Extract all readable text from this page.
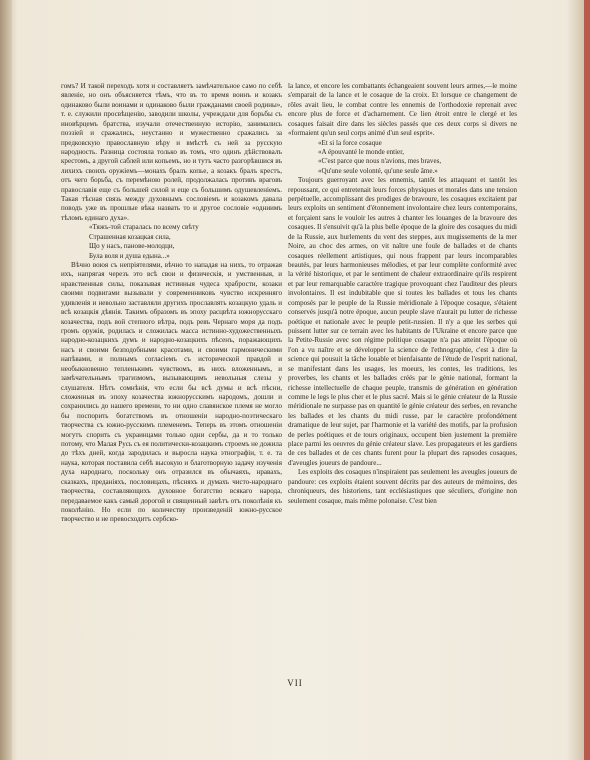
гомъ? И такой переходъ хотя и составляетъ замѣчательное само по себѣ явленіе, но онъ объясняется тѣмъ, что въ то время воинъ и козакъ одинаково были воинами и одинаково были гражданами своей родины», т. е. служили просвѣщенію, заводили школы, учреждали для борьбы съ иновѣрцемъ братства, изучали отечественную исторію, занимались поэзіей и сражались, неустанно и мужественно сражались за предковскую православную вѣру и вмѣстѣ съ ней за русскую народность. Разница состояла только въ томъ, что одинъ дѣйствовалъ крестомъ, а другой саблей или копьемъ, но и тутъ часто разгорѣвшися въ лихихъ своихъ оружіемъ—монахъ бралъ копье, а козакъ бралъ крестъ, отъ чего борьба, съ перемѣною ролей, продолжалась противъ враговъ православія еще съ большей силой и еще съ большимъ одушевленіемъ. Такая тѣсная связь между духовнымъ сословіемъ и козакомъ давала поводъ уже въ прошлые вѣка назвать то и другое сословіе «одниимъ тѣломъ единаго духа».

«Тяжъ-той старалась по всему свѣту
Страшенная козацкая сила,
Що у насъ, панове-молодци,
Була воля и душа едына...»

Вѣчно воюя съ непріятелями, вѣчно то нападая на нихъ, то отражая ихъ, напрягая черезъ это всѣ свои и физическія, и умственныя, и нравственныя силы, показывая истинныя чудеса храбрости, козаки своими подвигами вызывали у современниковъ чувство искренняго удивленія и невольно заставляли другихъ прославлять козацкую удаль и всѣ козацкія дѣянія. Такимъ образомъ въ эпоху расцвѣта южнорусскаго козачества, подъ вой степного вѣтра, подъ ревъ Чернаго моря да подъ громъ оружія, родилась и сложилась масса истинно-художественныхъ народно-козацкихъ думъ и народно-козацкихъ пѣсенъ, поражающихъ насъ и своими безподобными красотами, и своими гармоническими напѣвами, и полнымъ согласіемъ съ исторической правдой и необыкновенно тепленькимъ чувствомъ, въ нихъ вложеннымъ, и замѣчательнымъ трагизмомъ, вызывающимъ невольныя слезы у слушателя. Нѣтъ сомнѣнія, что если бы всѣ думы и всѣ пѣсни, сложенныя въ эпоху козачества южнорусскимъ народомъ, дошли и сохранились до нашего времени, то ни одно славянское племя не могло бы поспорить богатствомъ въ отношеніи народно-поэтическаго творчества съ южно-русскимъ племенемъ. Теперь въ этомъ отношеніи могутъ спорить съ украинцами только одни сербы, да и то только потому, что Малая Русь съ ея политически-козацкимъ строемъ не дожила до тѣхъ дней, когда зародилась и выросла наука этнографіи, т. е. та наука, которая поставила себѣ высокую и благотворную задачу изученія духа народнаго, поскольку онъ отразился въ обычаяхъ, нравахъ, сказкахъ, преданіяхъ, пословицахъ, пѣсняхъ и думахъ чисто-народнаго творчества, составляющихъ духовное богатство всякаго народа, передаваемое какъ самый дорогой и священный завѣтъ отъ поколѣнія къ поколѣнію. Но если по количеству произведеній южно-русское творчество и не превосходитъ сербско-

la lance, et encore les combattants échangeaient souvent leurs armes,—le moine s'emparait de la lance et le cosaque de la croix. Et lorsque ce changement de rôles avait lieu, le combat contre les ennemis de l'orthodoxie reprenait avec encore plus de force et d'acharnement. Ce lien étroit entre le clergé et les cosaques faisait dire dans les siècles passés que ces deux corps si divers ne «formaient qu'un seul corps animé d'un seul esprit».

«Et si la force cosaque
«A épouvanté le monde entier,
«C'est parce que nous n'avions, mes braves,
«Qu'une seule volonté, qu'une seule âme.»

Toujours guerroyant avec les ennemis, tantôt les attaquant et tantôt les repoussant, ce qui entretenait leurs forces physiques et morales dans une tension perpétuelle, accomplissant des prodiges de bravoure, les cosaques excitaient par leurs exploits un sentiment d'étonnement involontaire chez leurs contemporains, et forçaient sans le vouloir les autres à chanter les louanges de la bravoure des cosaques. Il s'ensuivit qu'à la plus belle époque de la gloire des cosaques du midi de la Russie, aux hurlements du vent des steppes, aux mugissements de la mer Noire, au choc des armes, on vit naître une foule de ballades et de chants cosaques réellement artistiques, qui nous frappent par leurs incomparables beautés, par leurs harmonieuses mélodies, et par leur complète conformité avec la vérité historique, et par le sentiment de chaleur extraordinaire qu'ils respirent et par leur remarquable caractère tragique provoquant chez l'auditeur des pleurs involontaires. Il est indubitable que si toutes les ballades et tous les chants composés par le peuple de la Russie méridionale à l'époque cosaque, s'étaient conservés jusqu'à notre époque, aucun peuple slave n'aurait pu lutter de richesse poétique et nationale avec le peuple petit-russien. Il n'y a que les serbes qui puissent lutter sur ce terrain avec les habitants de l'Ukraine et encore parce que la Petite-Russie avec son régime politique cosaque n'a pas atteint l'époque où l'on a vu naître et se développer la science de l'ethnographie, c'est à dire la science qui pousuit la tâche louable et bienfaisante de l'étude de l'esprit national, se manifestant dans les usages, les moeurs, les contes, les traditions, les proverbes, les chants et les ballades créés par le génie national, formant la richesse intellectuelle de chaque peuple, transmis de génération en génération comme le legs le plus cher et le plus sacré. Mais si le génie créateur de la Russie méridionale ne surpasse pas en quantité le génie créateur des serbes, en revanche les ballades et les chants du midi russe, par le caractère profondément dramatique de leur sujet, par l'harmonie et la variété des motifs, par la profusion de perles poétiques et de tours originaux, occupent bien justement la première place parmi les oeuvres du génie créateur slave. Les propagateurs et les gardiens de ces ballades et de ces chants furent pour la plupart des rapsodes cosaques, d'aveugles joueurs de pandoure...

Les exploits des cosaques n'inspiraient pas seulement les aveugles joueurs de pandoure: ces exploits étaient souvent décrits par des auteurs de mémoires, des chroniqueurs, des historiens, tant ecclésiastiques que séculiers, d'origine non seulement cosaque, mais même polonaise. C'est bien

VII
